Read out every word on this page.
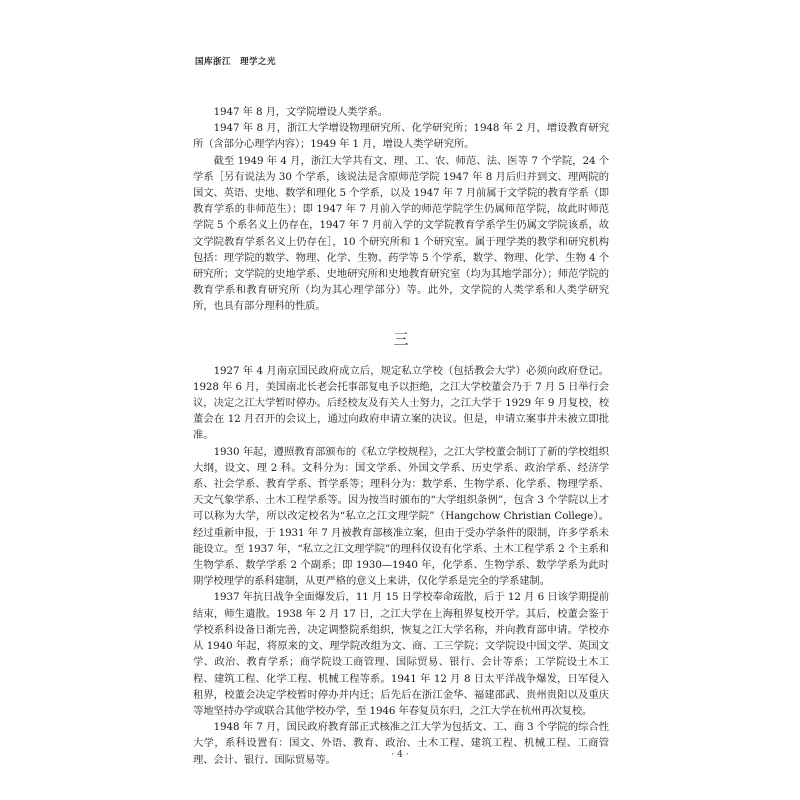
国库浙江　理学之光

1947 年 8 月，文学院增设人类学系。

1947 年 8 月，浙江大学增设物理研究所、化学研究所；1948 年 2 月，增设教育研究所（含部分心理学内容）；1949 年 1 月，增设人类学研究所。

截至 1949 年 4 月，浙江大学共有文、理、工、农、师范、法、医等 7 个学院，24 个学系［另有说法为 30 个学系，该说法是含原师范学院 1947 年 8 月后归并到文、理两院的国文、英语、史地、数学和理化 5 个学系，以及 1947 年 7 月前属于文学院的教育学系（即教育学系的非师范生）；即 1947 年 7 月前入学的师范学院学生仍属师范学院，故此时师范学院 5 个系名义上仍存在，1947 年 7 月前入学的文学院教育学系学生仍属文学院该系，故文学院教育学系名义上仍存在］，10 个研究所和 1 个研究室。属于理学类的教学和研究机构包括：理学院的数学、物理、化学、生物、药学等 5 个学系，数学、物理、化学、生物 4 个研究所；文学院的史地学系、史地研究所和史地教育研究室（均为其地学部分）；师范学院的教育学系和教育研究所（均为其心理学部分）等。此外，文学院的人类学系和人类学研究所，也具有部分理科的性质。

三

1927 年 4 月南京国民政府成立后，规定私立学校（包括教会大学）必须向政府登记。1928 年 6 月，美国南北长老会托事部复电予以拒绝，之江大学校董会乃于 7 月 5 日举行会议，决定之江大学暂时停办。后经校友及有关人士努力，之江大学于 1929 年 9 月复校，校董会在 12 月召开的会议上，通过向政府申请立案的决议。但是，申请立案事并未被立即批准。

1930 年起，遵照教育部颁布的《私立学校规程》，之江大学校董会制订了新的学校组织大纲，设文、理 2 科。文科分为：国文学系、外国文学系、历史学系、政治学系、经济学系、社会学系、教育学系、哲学系等；理科分为：数学系、生物学系、化学系、物理学系、天文气象学系、土木工程学系等。因为按当时颁布的“大学组织条例”，包含 3 个学院以上才可以称为大学，所以改定校名为“私立之江文理学院”（Hangchow Christian College）。经过重新申报，于 1931 年 7 月被教育部核准立案，但由于受办学条件的限制，许多学系未能设立。至 1937 年，“私立之江文理学院”的理科仅设有化学系、土木工程学系 2 个主系和生物学系、数学学系 2 个副系；即 1930—1940 年，化学系、生物学系、数学学系为此时期学校理学的系科建制，从更严格的意义上来讲，仅化学系是完全的学系建制。

1937 年抗日战争全面爆发后，11 月 15 日学校奉命疏散，后于 12 月 6 日该学期提前结束，师生遣散。1938 年 2 月 17 日，之江大学在上海租界复校开学。其后，校董会鉴于学校系科设备日渐完善，决定调整院系组织，恢复之江大学名称，并向教育部申请。学校亦从 1940 年起，将原来的文、理学院改组为文、商、工三学院；文学院设中国文学、英国文学、政治、教育学系；商学院设工商管理、国际贸易、银行、会计等系；工学院设土木工程、建筑工程、化学工程、机械工程等系。1941 年 12 月 8 日太平洋战争爆发，日军侵入租界，校董会决定学校暂时停办并内迁；后先后在浙江金华、福建邵武、贵州贵阳以及重庆等地坚持办学或联合其他学校办学，至 1946 年春复员东归，之江大学在杭州再次复校。

1948 年 7 月，国民政府教育部正式核准之江大学为包括文、工、商 3 个学院的综合性大学，系科设置有：国文、外语、教育、政治、土木工程、建筑工程、机械工程、工商管理、会计、银行、国际贸易等。	· 4 ·
